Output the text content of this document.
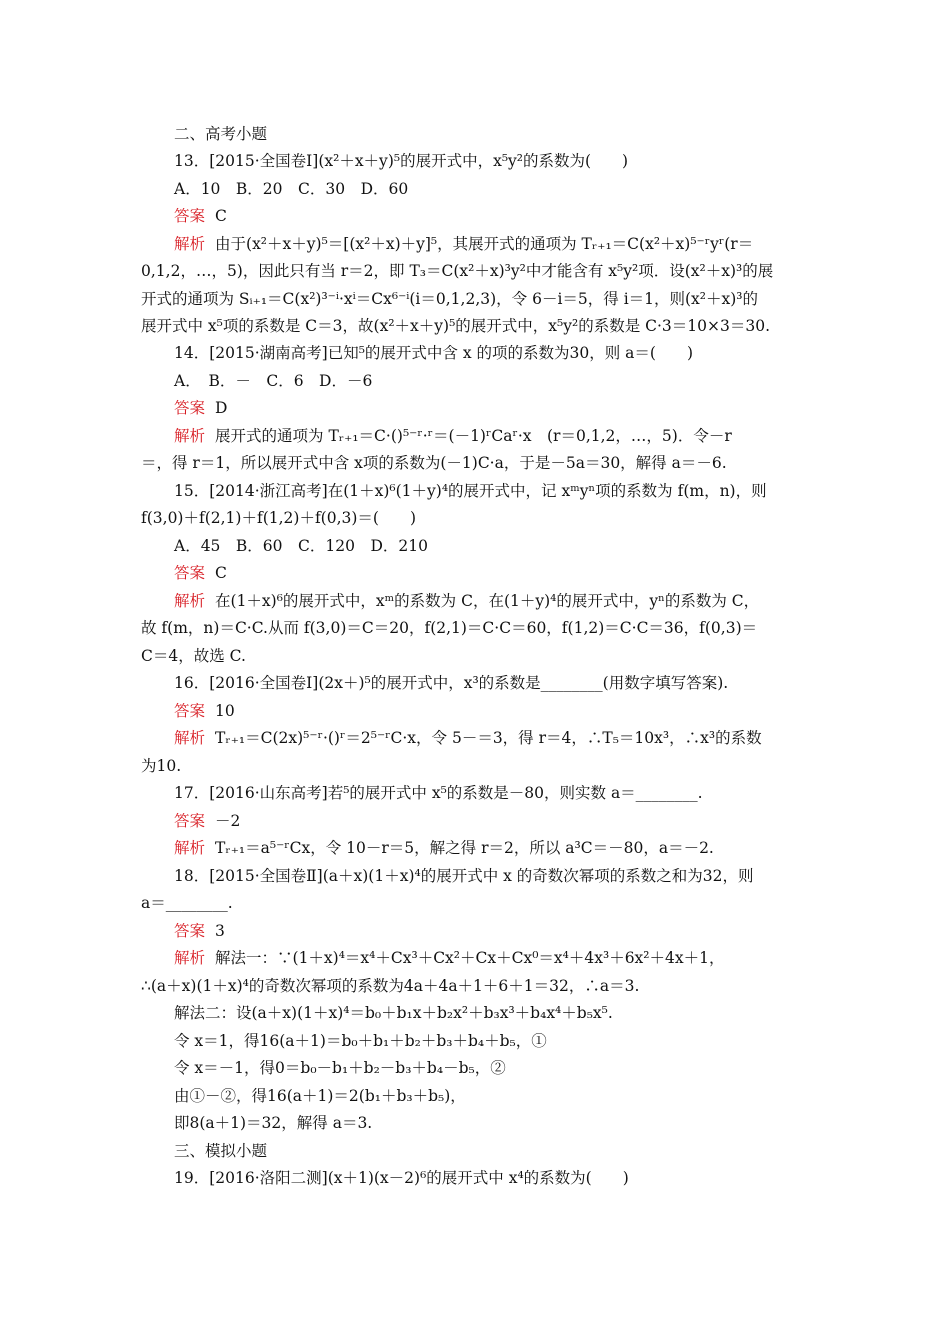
二、高考小题
13．[2015·全国卷Ⅰ](x²＋x＋y)⁵的展开式中，x⁵y²的系数为(　　)
A．10　B．20　C．30　D．60
答案 C
解析 由于(x²＋x＋y)⁵＝[(x²＋x)＋y]⁵，其展开式的通项为 Tᵣ₊₁＝C(x²＋x)⁵⁻ʳyʳ(r＝
0,1,2，…，5)，因此只有当 r＝2，即 T₃＝C(x²＋x)³y²中才能含有 x⁵y²项．设(x²＋x)³的展
开式的通项为 Sᵢ₊₁＝C(x²)³⁻ⁱ·xⁱ＝Cx⁶⁻ⁱ(i＝0,1,2,3)，令 6－i＝5，得 i＝1，则(x²＋x)³的
展开式中 x⁵项的系数是 C＝3，故(x²＋x＋y)⁵的展开式中，x⁵y²的系数是 C·3＝10×3＝30.
14．[2015·湖南高考]已知⁵的展开式中含 x 的项的系数为30，则 a＝(　　)
A．　B．－　C．6　D．－6
答案 D
解析 展开式的通项为 Tᵣ₊₁＝C·()⁵⁻ʳ·ʳ＝(－1)ʳCaʳ·x　(r＝0,1,2，…，5)．令－r
＝，得 r＝1，所以展开式中含 x项的系数为(－1)C·a，于是－5a＝30，解得 a＝－6.
15．[2014·浙江高考]在(1＋x)⁶(1＋y)⁴的展开式中，记 xᵐyⁿ项的系数为 f(m，n)，则
f(3,0)＋f(2,1)＋f(1,2)＋f(0,3)＝(　　)
A．45　B．60　C．120　D．210
答案 C
解析 在(1＋x)⁶的展开式中，xᵐ的系数为 C，在(1＋y)⁴的展开式中，yⁿ的系数为 C，
故 f(m，n)＝C·C.从而 f(3,0)＝C＝20，f(2,1)＝C·C＝60，f(1,2)＝C·C＝36，f(0,3)＝
C＝4，故选 C.
16．[2016·全国卷Ⅰ](2x＋)⁵的展开式中，x³的系数是________(用数字填写答案).
答案 10
解析 Tᵣ₊₁＝C(2x)⁵⁻ʳ·()ʳ＝2⁵⁻ʳC·x，令 5－＝3，得 r＝4，∴T₅＝10x³，∴x³的系数
为10.
17．[2016·山东高考]若⁵的展开式中 x⁵的系数是－80，则实数 a＝________.
答案 －2
解析 Tᵣ₊₁＝a⁵⁻ʳCx，令 10－r＝5，解之得 r＝2，所以 a³C＝－80，a＝－2.
18．[2015·全国卷Ⅱ](a＋x)(1＋x)⁴的展开式中 x 的奇数次幂项的系数之和为32，则
a＝________.
答案 3
解析 解法一：∵(1＋x)⁴＝x⁴＋Cx³＋Cx²＋Cx＋Cx⁰＝x⁴＋4x³＋6x²＋4x＋1，
∴(a＋x)(1＋x)⁴的奇数次幂项的系数为4a＋4a＋1＋6＋1＝32，∴a＝3.
解法二：设(a＋x)(1＋x)⁴＝b₀＋b₁x＋b₂x²＋b₃x³＋b₄x⁴＋b₅x⁵.
令 x＝1，得16(a＋1)＝b₀＋b₁＋b₂＋b₃＋b₄＋b₅，①
令 x＝－1，得0＝b₀－b₁＋b₂－b₃＋b₄－b₅，②
由①－②，得16(a＋1)＝2(b₁＋b₃＋b₅)，
即8(a＋1)＝32，解得 a＝3.
三、模拟小题
19．[2016·洛阳二测](x＋1)(x－2)⁶的展开式中 x⁴的系数为(　　)
